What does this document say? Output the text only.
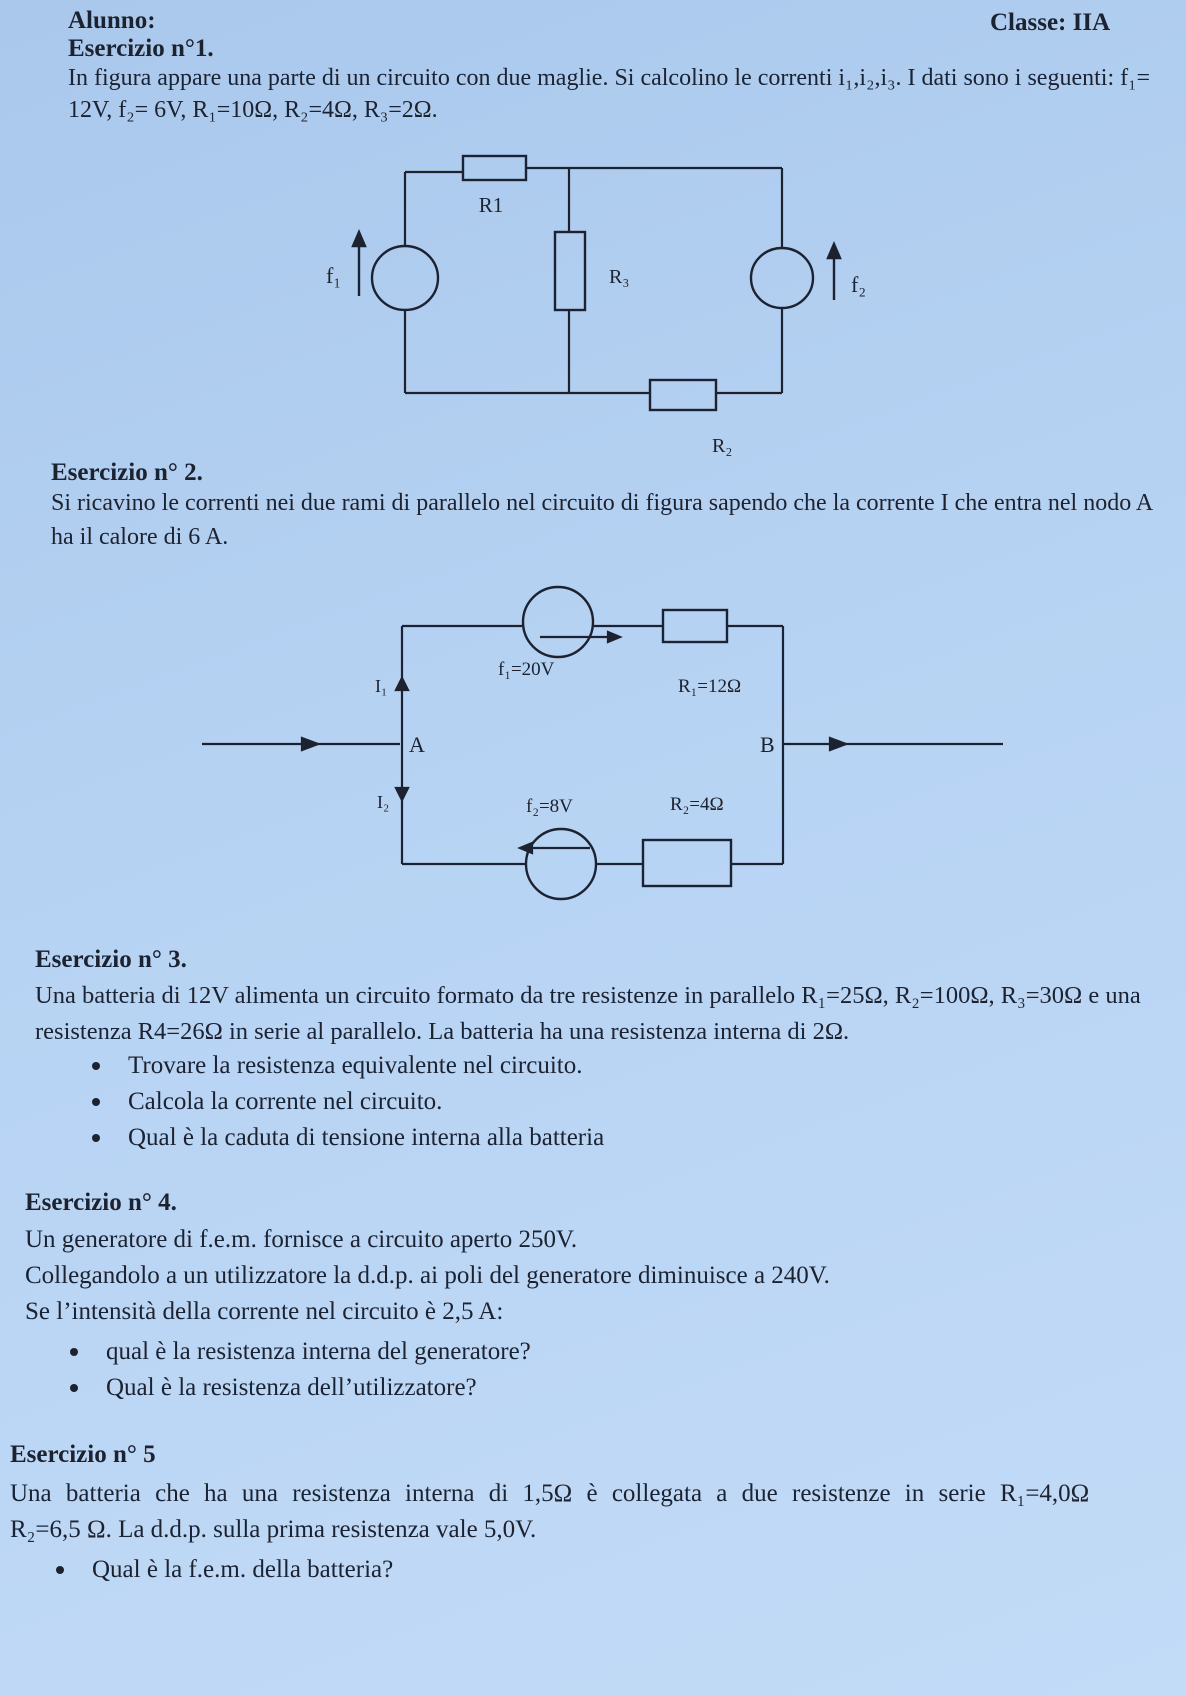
Alunno:	Classe: IIA
Esercizio n°1.
In figura appare una parte di un circuito con due maglie. Si calcolino le correnti i₁,i₂,i₃. I dati sono i seguenti: f₁= 12V, f₂= 6V, R₁=10Ω, R₂=4Ω, R₃=2Ω.
R1
R₃
R₂
f₁	f₂
Esercizio n° 2.
Si ricavino le correnti nei due rami di parallelo nel circuito di figura sapendo che la corrente I che entra nel nodo A ha il calore di 6 A.
f₁=20V
R₁=12Ω
f₂=8V	R₂=4Ω
I₁
I₂
A	B
Esercizio n° 3.
Una batteria di 12V alimenta un circuito formato da tre resistenze in parallelo R₁=25Ω, R₂=100Ω, R₃=30Ω e una resistenza R4=26Ω in serie al parallelo. La batteria ha una resistenza interna di 2Ω.
Trovare la resistenza equivalente nel circuito.
Calcola la corrente nel circuito.
Qual è la caduta di tensione interna alla batteria
Esercizio n° 4.
Un generatore di f.e.m. fornisce a circuito aperto 250V.
Collegandolo a un utilizzatore la d.d.p. ai poli del generatore diminuisce a 240V.
Se l’intensità della corrente nel circuito è 2,5 A:
qual è la resistenza interna del generatore?
Qual è la resistenza dell’utilizzatore?
Esercizio n° 5
Una batteria che ha una resistenza interna di 1,5Ω è collegata a due resistenze in serie R₁=4,0Ω
R₂=6,5 Ω. La d.d.p. sulla prima resistenza vale 5,0V.
Qual è la f.e.m. della batteria?
